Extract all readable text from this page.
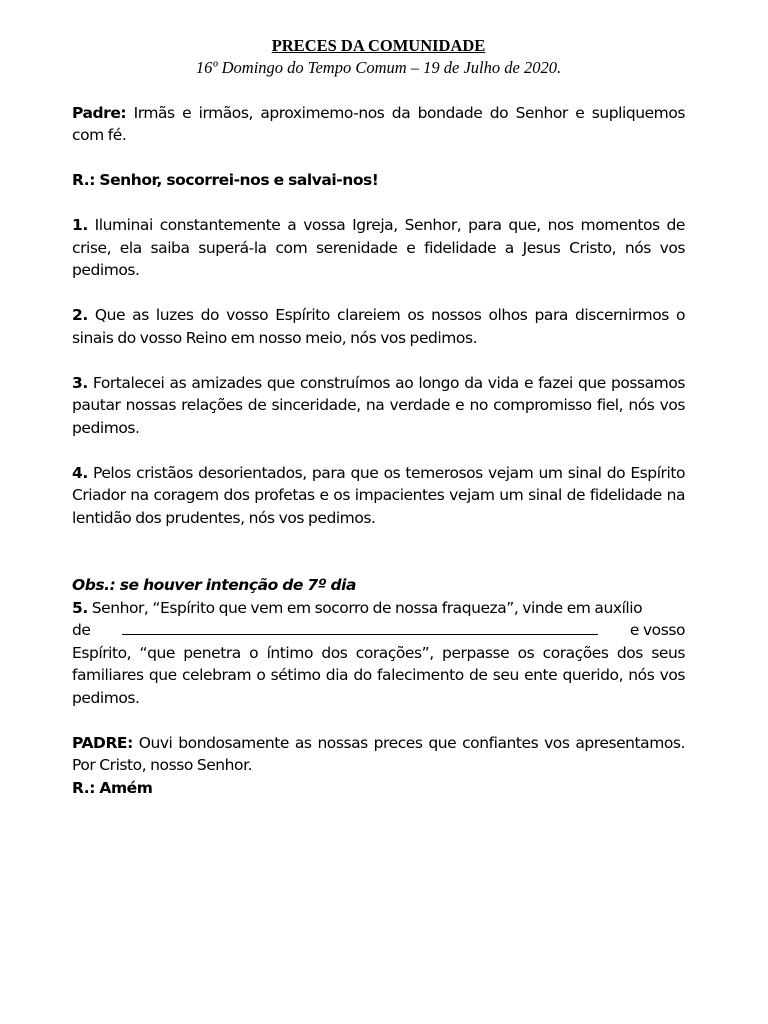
PRECES DA COMUNIDADE
16º Domingo do Tempo Comum – 19 de Julho de 2020.

Padre: Irmãs e irmãos, aproximemo-nos da bondade do Senhor e supliquemos com fé.

R.: Senhor, socorrei-nos e salvai-nos!

1. Iluminai constantemente a vossa Igreja, Senhor, para que, nos momentos de crise, ela saiba superá-la com serenidade e fidelidade a Jesus Cristo, nós vos pedimos.

2. Que as luzes do vosso Espírito clareiem os nossos olhos para discernirmos o sinais do vosso Reino em nosso meio, nós vos pedimos.

3. Fortalecei as amizades que construímos ao longo da vida e fazei que possamos pautar nossas relações de sinceridade, na verdade e no compromisso fiel, nós vos pedimos.

4. Pelos cristãos desorientados, para que os temerosos vejam um sinal do Espírito Criador na coragem dos profetas e os impacientes vejam um sinal de fidelidade na lentidão dos prudentes, nós vos pedimos.

Obs.: se houver intenção de 7º dia

5. Senhor, “Espírito que vem em socorro de nossa fraqueza”, vinde em auxílio

de	e vosso

Espírito, “que penetra o íntimo dos corações”, perpasse os corações dos seus familiares que celebram o sétimo dia do falecimento de seu ente querido, nós vos pedimos.

PADRE: Ouvi bondosamente as nossas preces que confiantes vos apresentamos. Por Cristo, nosso Senhor.

R.: Amém
